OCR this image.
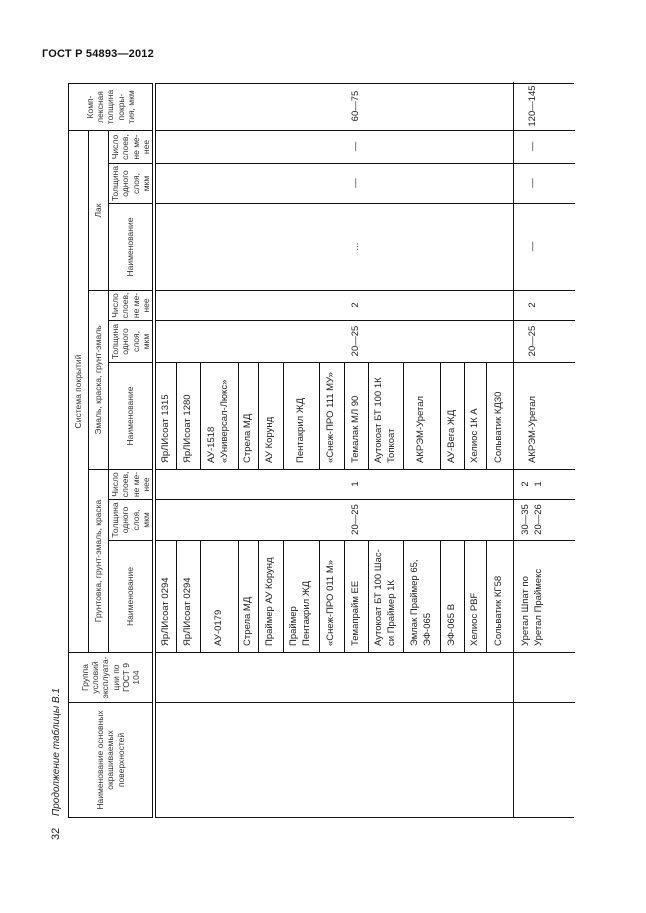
ГОСТ Р 54893—2012
Продолжение таблицы В.1
32
Наименование основных окрашиваемых поверхностей
Группа условий эксплуата-ции по ГОСТ 9 104
Система покрытий
Грунтовка, грунт-эмаль, краска
Эмаль, краска, грунт-эмаль
Лак
Наименование
Толщина одного слоя, мкм
Число слоев, не ме-нее
Наименование
Толщина одного слоя, мкм
Число слоев, не ме-нее
Наименование
Толщина одного слоя, мкм
Число слоев, не ме-нее
Комп-лексная толщина покры-тия, мкм
ЯрЛИсоат 0294
ЯрЛИсоат 1315
ЯрЛИсоат 0294
ЯрЛИсоат 1280
АУ-0179
АУ-1518
«Универсал-Люкс»
Стрела МД
Стрела МД
Праймер АУ Корунд
АУ Корунд
Праймер
Пентакрил ЖД
Пентакрил ЖД
«Снеж-ПРО 011 М»
«Снеж-ПРО 111 МУ»
Темапрайм ЕЕ
Темалак МЛ 90
Аутокоат БТ 100 Шас-си Праймер 1К
Аутокоат БТ 100 1К
Топкоат
Эмлак Праймер 65,
ЭФ-065
АКРЭМ-Уретал
ЭФ-065 В
АУ-Вега ЖД
Хелиос РВF
Хелиос 1К А
Сольватик КГ58
Сольватик КД30
20—25
1
20—25
2
...
—
—
60—75
Уретал Шпат по
Уретал Праймекс
АКРЭМ-Уретал
30—35
20—26
2
1
20—25
2
—
—
—
120—145
